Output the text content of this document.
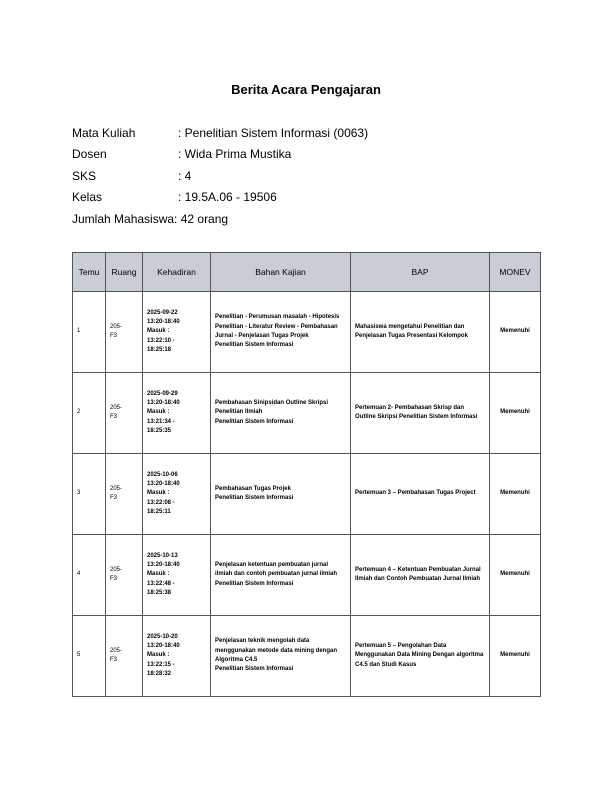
Berita Acara Pengajaran
Mata Kuliah	: Penelitian Sistem Informasi (0063)
Dosen	: Wida Prima Mustika
SKS	: 4
Kelas	: 19.5A.06 - 19506
Jumlah Mahasiswa: 42 orang
Temu	Ruang	Kehadiran	Bahan Kajian	BAP	MONEV
1	205-
F3	2025-09-22
13:20-18:40
Masuk :
13:22:10 -
18:25:18	Penelitian - Perumusan masalah - Hipotesis Penelitian - Literatur Review - Pembahasan Jurnal - Penjelasan Tugas Projek
Penelitian Sistem Informasi	Mahasiswa mengetahui Penelitian dan Penjelasan Tugas Presentasi Kelompok	Memenuhi
2	205-
F3	2025-09-29
13:20-18:40
Masuk :
13:21:34 -
18:25:35	Pembahasan Sinipsidan Outline Skripsi Penelitian Ilmiah
Penelitian Sistem Informasi	Pertemuan 2- Pembahasan Skrisp dan Outline Skripsi Penelitian Sistem Informasi	Memenuhi
3	205-
F3	2025-10-06
13:20-18:40
Masuk :
13:22:08 -
18:25:11	Pembahasan Tugas Projek
Penelitian Sistem Informasi	Pertemuan 3 – Pembahasan Tugas Project	Memenuhi
4	205-
F3	2025-10-13
13:20-18:40
Masuk :
13:22:48 -
18:25:38	Penjelasan ketentuan pembuatan jurnal ilmiah dan contoh pembuatan jurnal ilmiah
Penelitian Sistem Informasi	Pertemuan 4 – Ketentuan Pembuatan Jurnal Ilmiah dan Contoh Pembuatan Jurnal Ilmiah	Memenuhi
5	205-
F3	2025-10-20
13:20-18:40
Masuk :
13:22:15 -
18:28:32	Penjelasan teknik mengolah data menggunakan metode data mining dengan Algoritma C4.5
Penelitian Sistem Informasi	Pertemuan 5 – Pengolahan Data Menggunakan Data Mining Dengan algoritma C4.5 dan Studi Kasus	Memenuhi
